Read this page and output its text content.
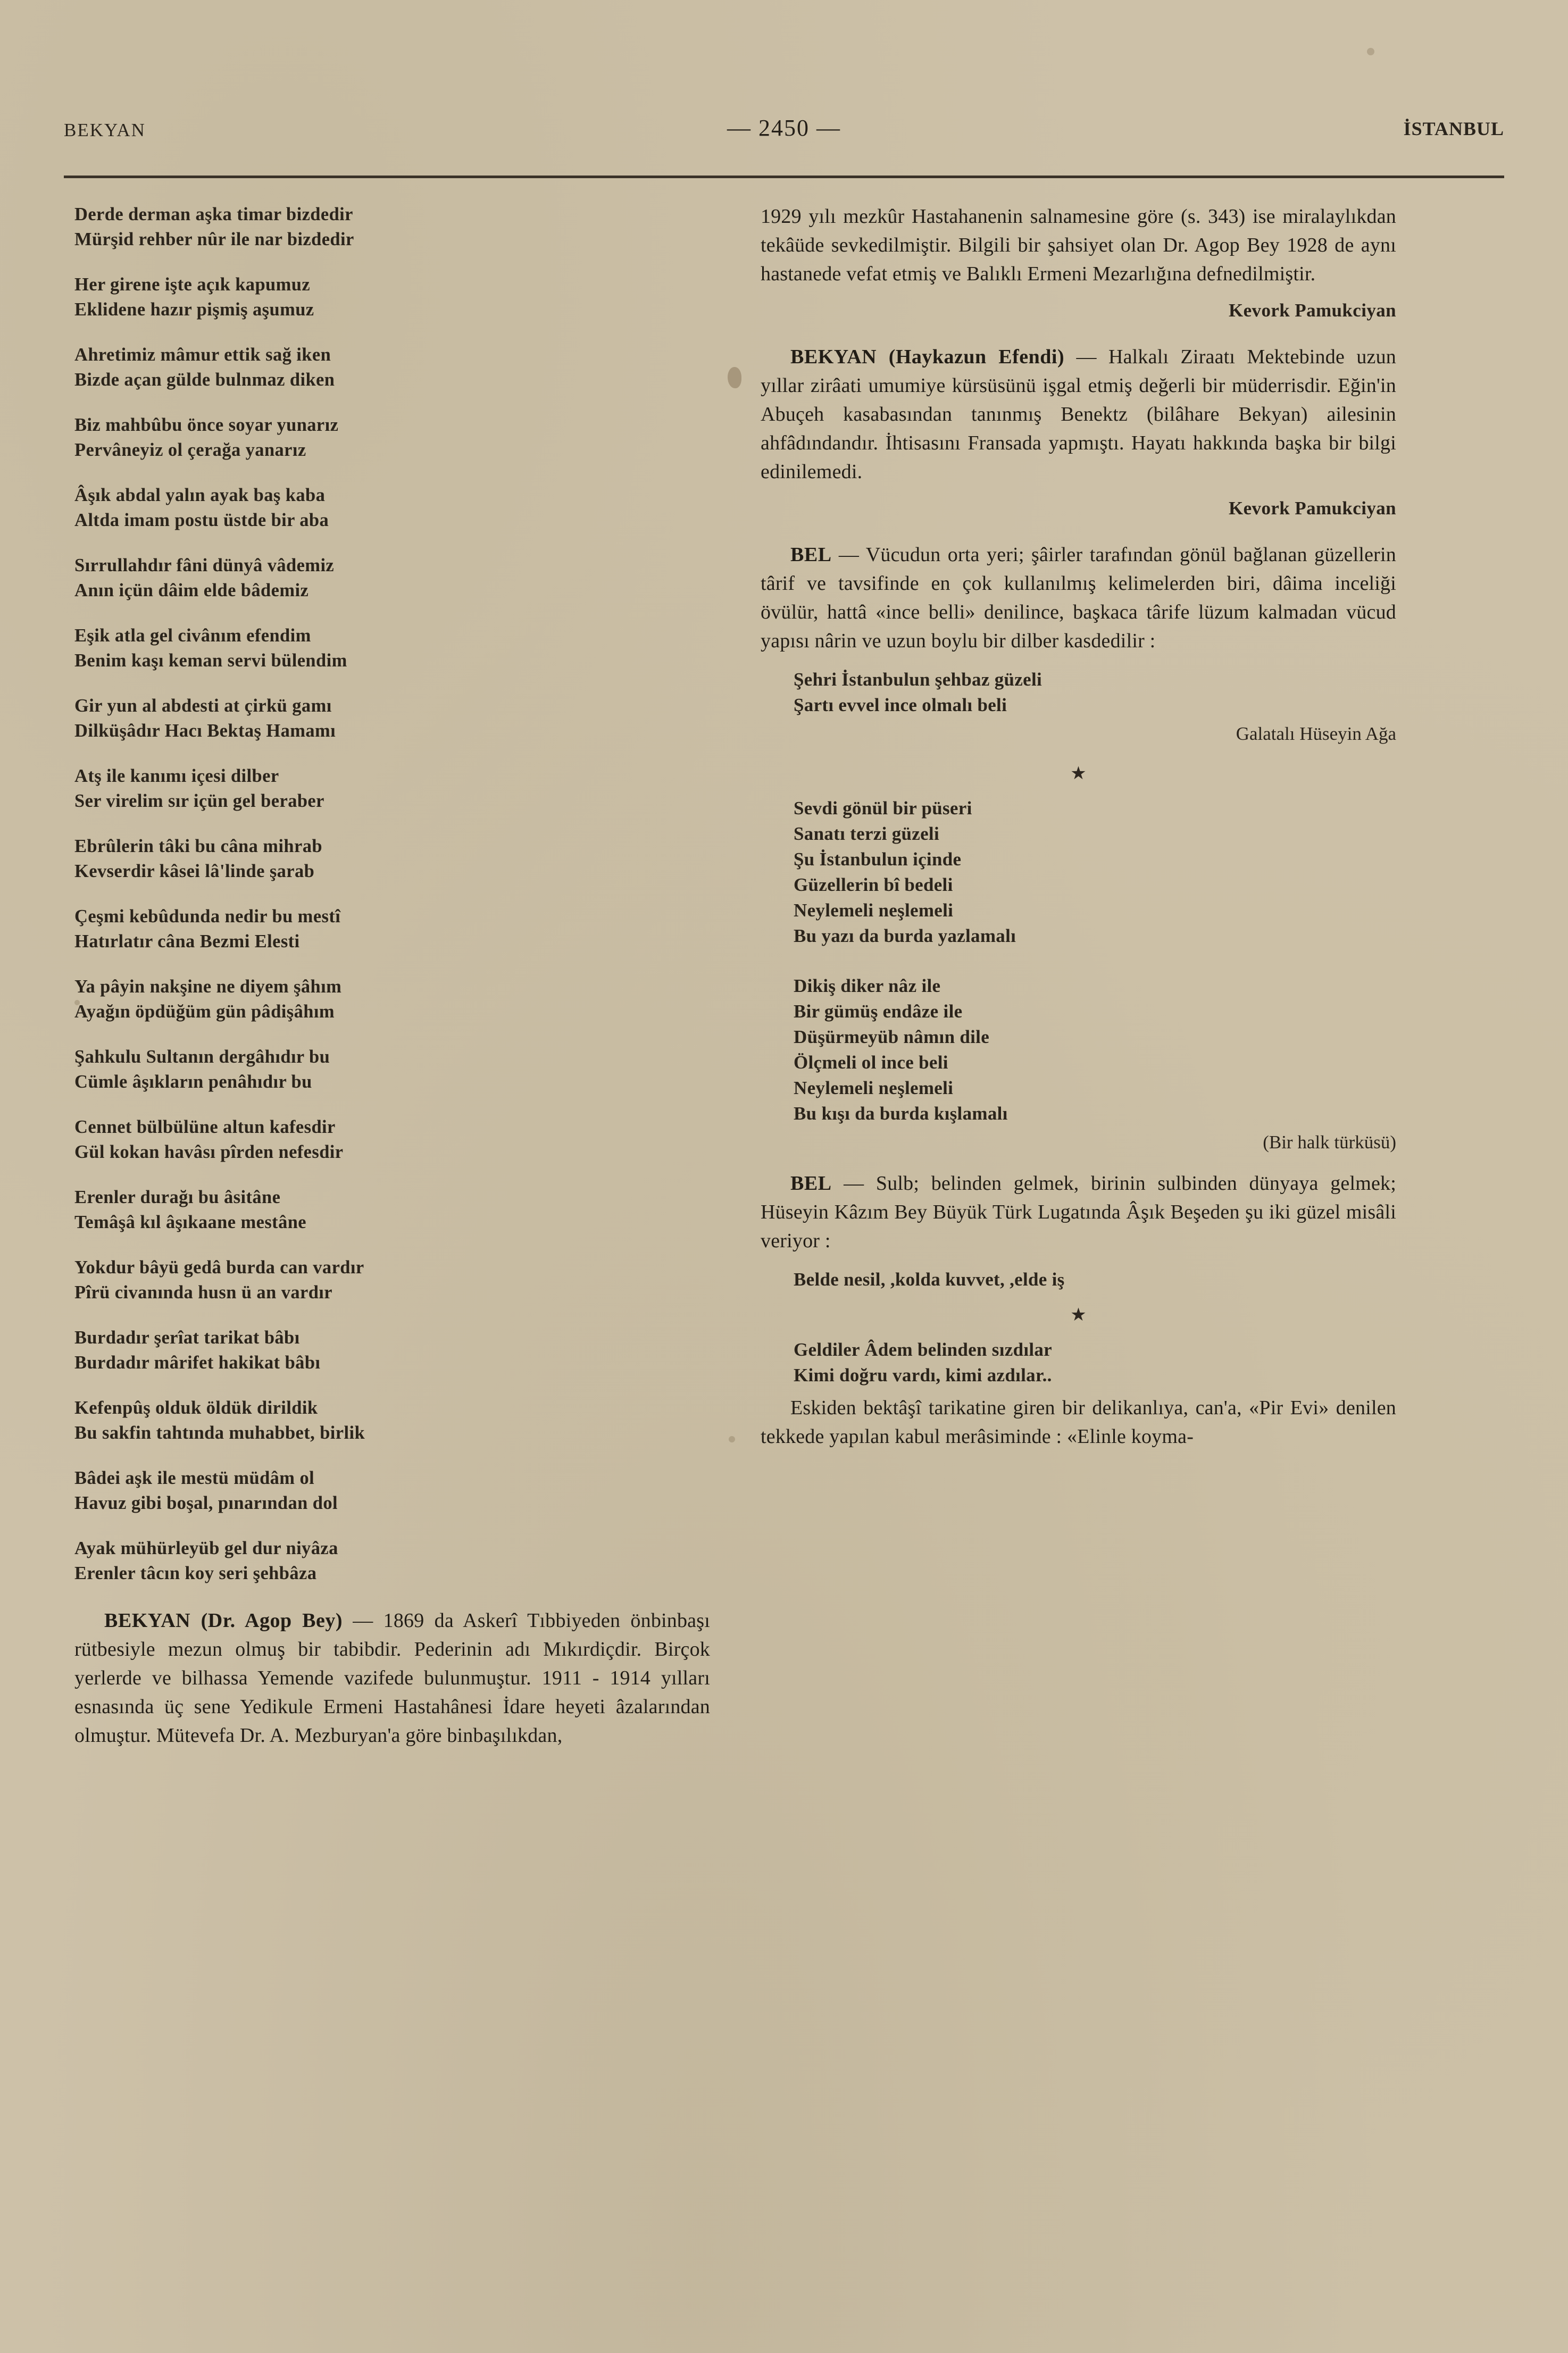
BEKYAN	— 2450 —	İSTANBUL
Derde derman aşka timar bizdedir
Mürşid rehber nûr ile nar bizdedir
Her girene işte açık kapumuz
Eklidene hazır pişmiş aşumuz
Ahretimiz mâmur ettik sağ iken
Bizde açan gülde bulnmaz diken
Biz mahbûbu önce soyar yunarız
Pervâneyiz ol çerağa yanarız
Âşık abdal yalın ayak baş kaba
Altda imam postu üstde bir aba
Sırrullahdır fâni dünyâ vâdemiz
Anın içün dâim elde bâdemiz
Eşik atla gel civânım efendim
Benim kaşı keman servi bülendim
Gir yun al abdesti at çirkü gamı
Dilküşâdır Hacı Bektaş Hamamı
Atş ile kanımı içesi dilber
Ser virelim sır içün gel beraber
Ebrûlerin tâki bu câna mihrab
Kevserdir kâsei lâ'linde şarab
Çeşmi kebûdunda nedir bu mestî
Hatırlatır câna Bezmi Elesti
Ya pâyin nakşine ne diyem şâhım
Ayağın öpdüğüm gün pâdişâhım
Şahkulu Sultanın dergâhıdır bu
Cümle âşıkların penâhıdır bu
Cennet bülbülüne altun kafesdir
Gül kokan havâsı pîrden nefesdir
Erenler durağı bu âsitâne
Temâşâ kıl âşıkaane mestâne
Yokdur bâyü gedâ burda can vardır
Pîrü civanında husn ü an vardır
Burdadır şerîat tarikat bâbı
Burdadır mârifet hakikat bâbı
Kefenpûş olduk öldük dirildik
Bu sakfin tahtında muhabbet, birlik
Bâdei aşk ile mestü müdâm ol
Havuz gibi boşal, pınarından dol
Ayak mühürleyüb gel dur niyâza
Erenler tâcın koy seri şehbâza
BEKYAN (Dr. Agop Bey) — 1869 da Askerî Tıbbiyeden önbinbaşı rütbesiyle mezun olmuş bir tabibdir. Pederinin adı Mıkırdiçdir. Birçok yerlerde ve bilhassa Yemende vazifede bulunmuştur. 1911 - 1914 yılları esnasında üç sene Yedikule Ermeni Hastahânesi İdare heyeti âzalarından olmuştur. Mütevefa Dr. A. Mezburyan'a göre binbaşılıkdan,
1929 yılı mezkûr Hastahanenin salnamesine göre (s. 343) ise miralaylıkdan tekâüde sevkedilmiştir. Bilgili bir şahsiyet olan Dr. Agop Bey 1928 de aynı hastanede vefat etmiş ve Balıklı Ermeni Mezarlığına defnedilmiştir.
Kevork Pamukciyan
BEKYAN (Haykazun Efendi) — Halkalı Ziraatı Mektebinde uzun yıllar zirâati umumiye kürsüsünü işgal etmiş değerli bir müderrisdir. Eğin'in Abuçeh kasabasından tanınmış Benektz (bilâhare Bekyan) ailesinin ahfâdındandır. İhtisasını Fransada yapmıştı. Hayatı hakkında başka bir bilgi edinilemedi.
Kevork Pamukciyan
BEL — Vücudun orta yeri; şâirler tarafından gönül bağlanan güzellerin târif ve tavsifinde en çok kullanılmış kelimelerden biri, dâima inceliği övülür, hattâ «ince belli» denilince, başkaca târife lüzum kalmadan vücud yapısı nârin ve uzun boylu bir dilber kasdedilir :
Şehri İstanbulun şehbaz güzeli
Şartı evvel ince olmalı beli
Galatalı Hüseyin Ağa
★
Sevdi gönül bir püseri
Sanatı terzi güzeli
Şu İstanbulun içinde
Güzellerin bî bedeli
Neylemeli neşlemeli
Bu yazı da burda yazlamalı
Dikiş diker nâz ile
Bir gümüş endâze ile
Düşürmeyüb nâmın dile
Ölçmeli ol ince beli
Neylemeli neşlemeli
Bu kışı da burda kışlamalı
(Bir halk türküsü)
BEL — Sulb; belinden gelmek, birinin sulbinden dünyaya gelmek; Hüseyin Kâzım Bey Büyük Türk Lugatında Âşık Beşeden şu iki güzel misâli veriyor :
Belde nesil, ,kolda kuvvet, ,elde iş
★
Geldiler Âdem belinden sızdılar
Kimi doğru vardı, kimi azdılar..
Eskiden bektâşî tarikatine giren bir delikanlıya, can'a, «Pir Evi» denilen tekkede yapılan kabul merâsiminde : «Elinle koyma-
